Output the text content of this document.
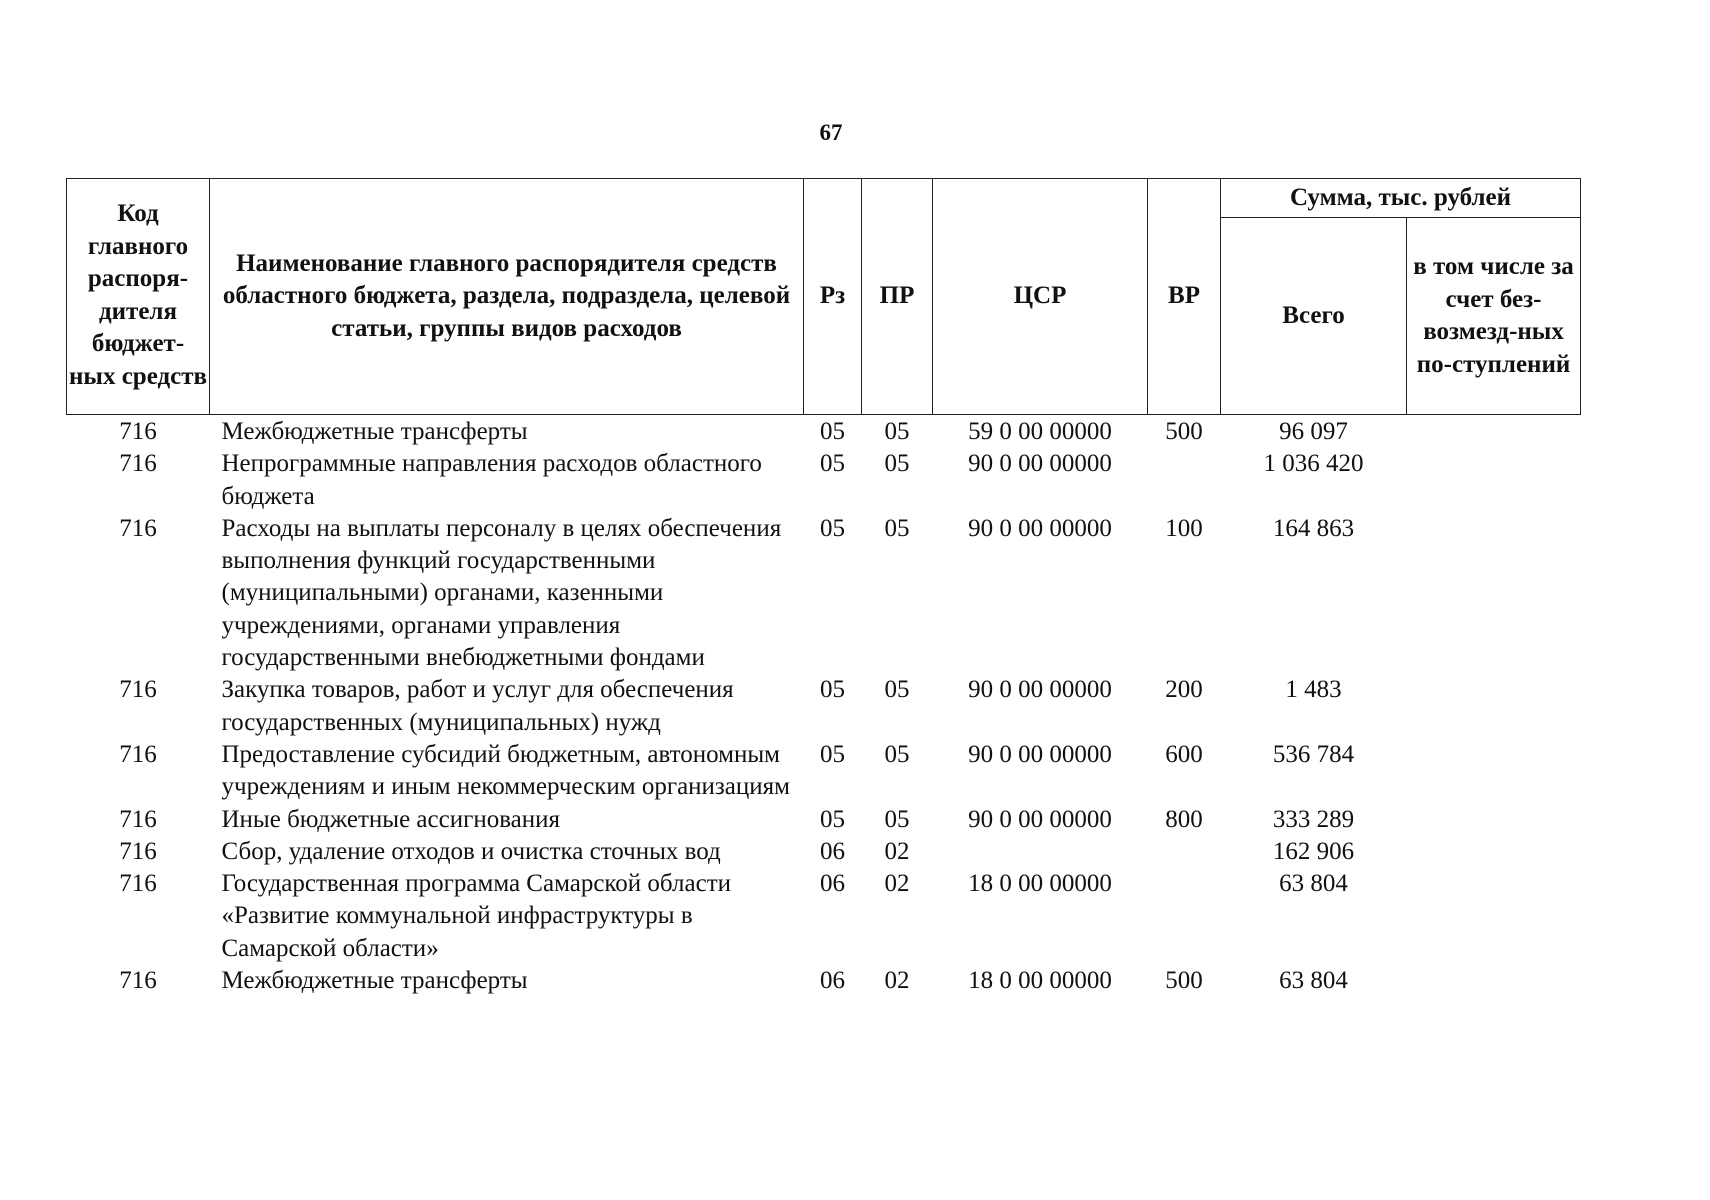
67
Код главного распоря-дителя бюджет-ных средств	Наименование главного распорядителя средств областного бюджета, раздела, подраздела, целевой статьи, группы видов расходов	Рз	ПР	ЦСР	ВР	Сумма, тыс. рублей	
						Всего	в том числе за счет без-возмезд-ных по-ступлений
716	Межбюджетные трансферты	05	05	59 0 00 00000	500	96 097	
716	Непрограммные направления расходов областного бюджета	05	05	90 0 00 00000		1 036 420	
716	Расходы на выплаты персоналу в целях обеспечения выполнения функций государственными (муниципальными) органами, казенными учреждениями, органами управления государственными внебюджетными фондами	05	05	90 0 00 00000	100	164 863	
716	Закупка товаров, работ и услуг для обеспечения государственных (муниципальных) нужд	05	05	90 0 00 00000	200	1 483	
716	Предоставление субсидий бюджетным, автономным учреждениям и иным некоммерческим организациям	05	05	90 0 00 00000	600	536 784	
716	Иные бюджетные ассигнования	05	05	90 0 00 00000	800	333 289	
716	Сбор, удаление отходов и очистка сточных вод	06	02			162 906	
716	Государственная программа Самарской области «Развитие коммунальной инфраструктуры в Самарской области»	06	02	18 0 00 00000		63 804	
716	Межбюджетные трансферты	06	02	18 0 00 00000	500	63 804	
